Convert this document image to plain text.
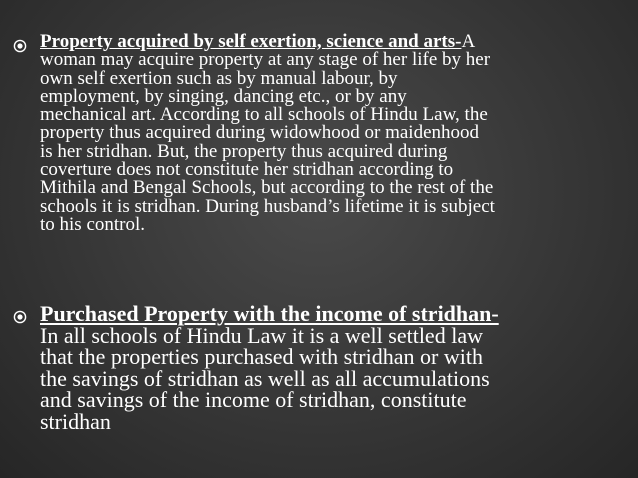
Property acquired by self exertion, science and arts-A
woman may acquire property at any stage of her life by her
own self exertion such as by manual labour, by
employment, by singing, dancing etc., or by any
mechanical art. According to all schools of Hindu Law, the
property thus acquired during widowhood or maidenhood
is her stridhan. But, the property thus acquired during
coverture does not constitute her stridhan according to
Mithila and Bengal Schools, but according to the rest of the
schools it is stridhan. During husband’s lifetime it is subject
to his control.
Purchased Property with the income of stridhan-
In all schools of Hindu Law it is a well settled law
that the properties purchased with stridhan or with
the savings of stridhan as well as all accumulations
and savings of the income of stridhan, constitute
stridhan
